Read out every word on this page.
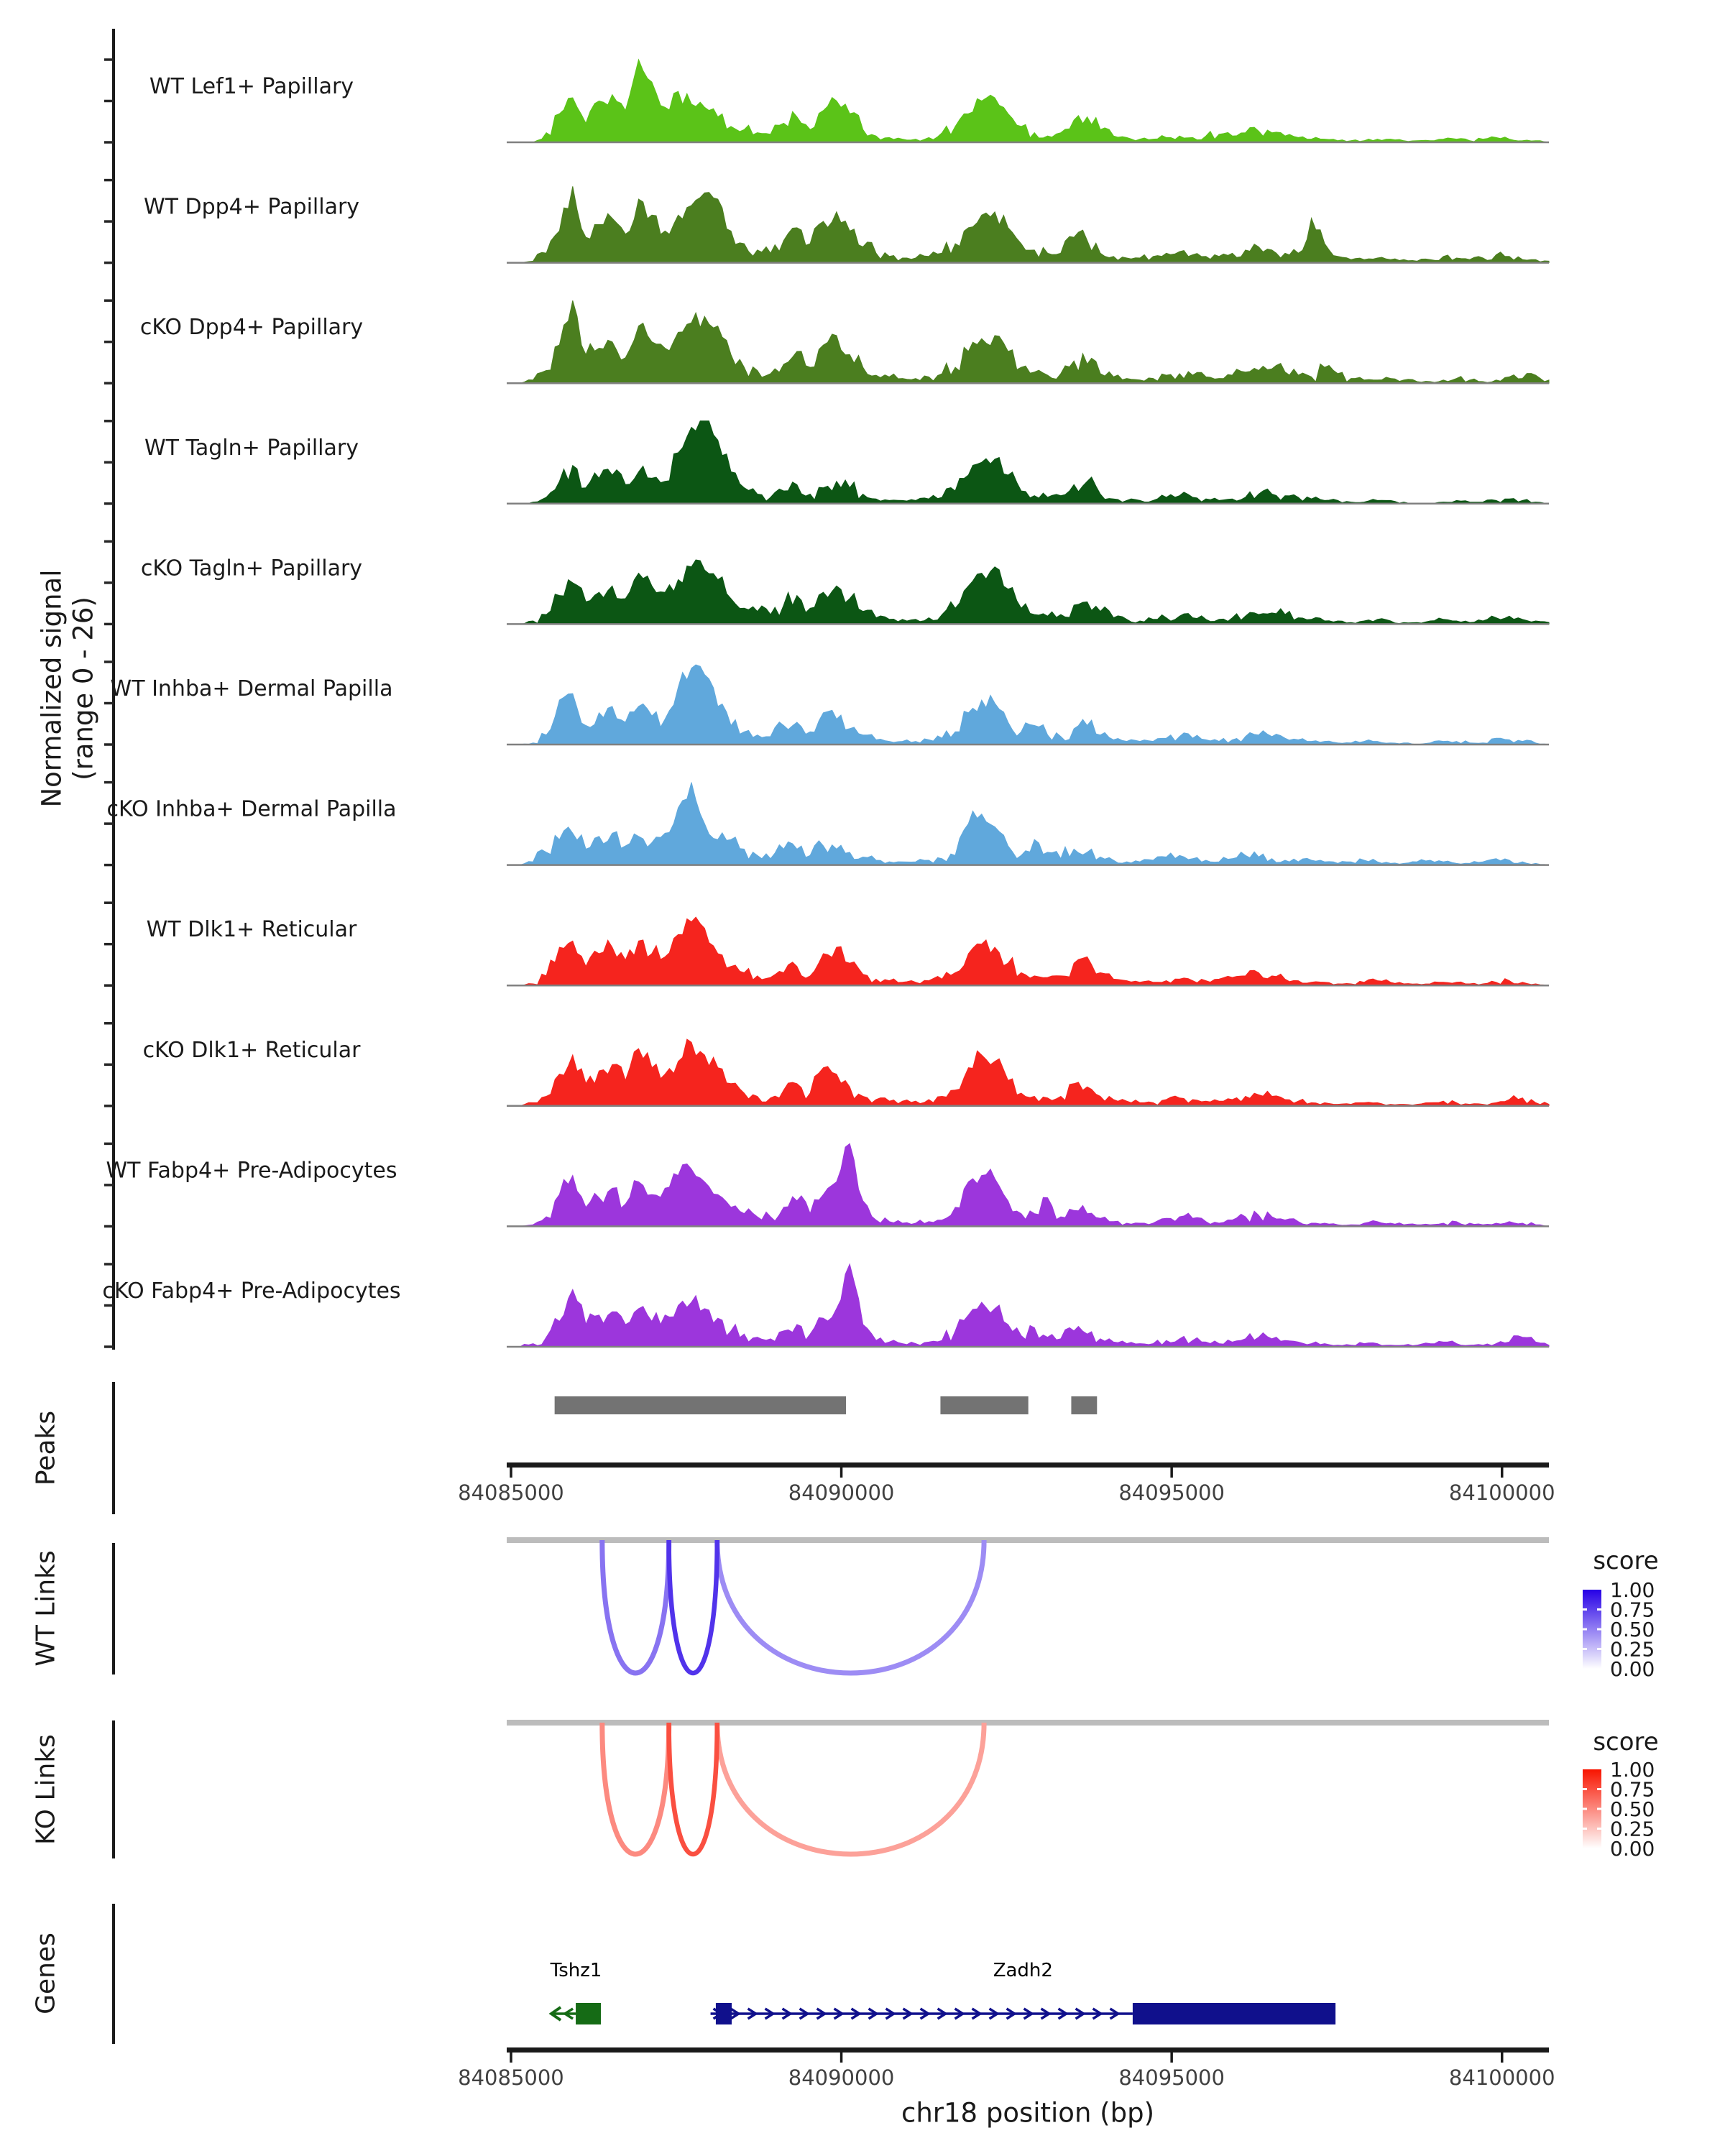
WT Lef1+ Papillary
WT Dpp4+ Papillary
cKO Dpp4+ Papillary
WT Tagln+ Papillary
cKO Tagln+ Papillary
WT Inhba+ Dermal Papilla
cKO Inhba+ Dermal Papilla
WT Dlk1+ Reticular
cKO Dlk1+ Reticular
WT Fabp4+ Pre-Adipocytes
cKO Fabp4+ Pre-Adipocytes
84085000	84090000	84095000	84100000
84085000	84090000	84095000	84100000
1.00
0.75
0.50
0.25
0.00
1.00
0.75
0.50
0.25
0.00
Tshz1	Zadh2
Normalized signal (range 0 - 26)
Peaks
WT Links
KO Links
Genes
score
score
chr18 position (bp)
